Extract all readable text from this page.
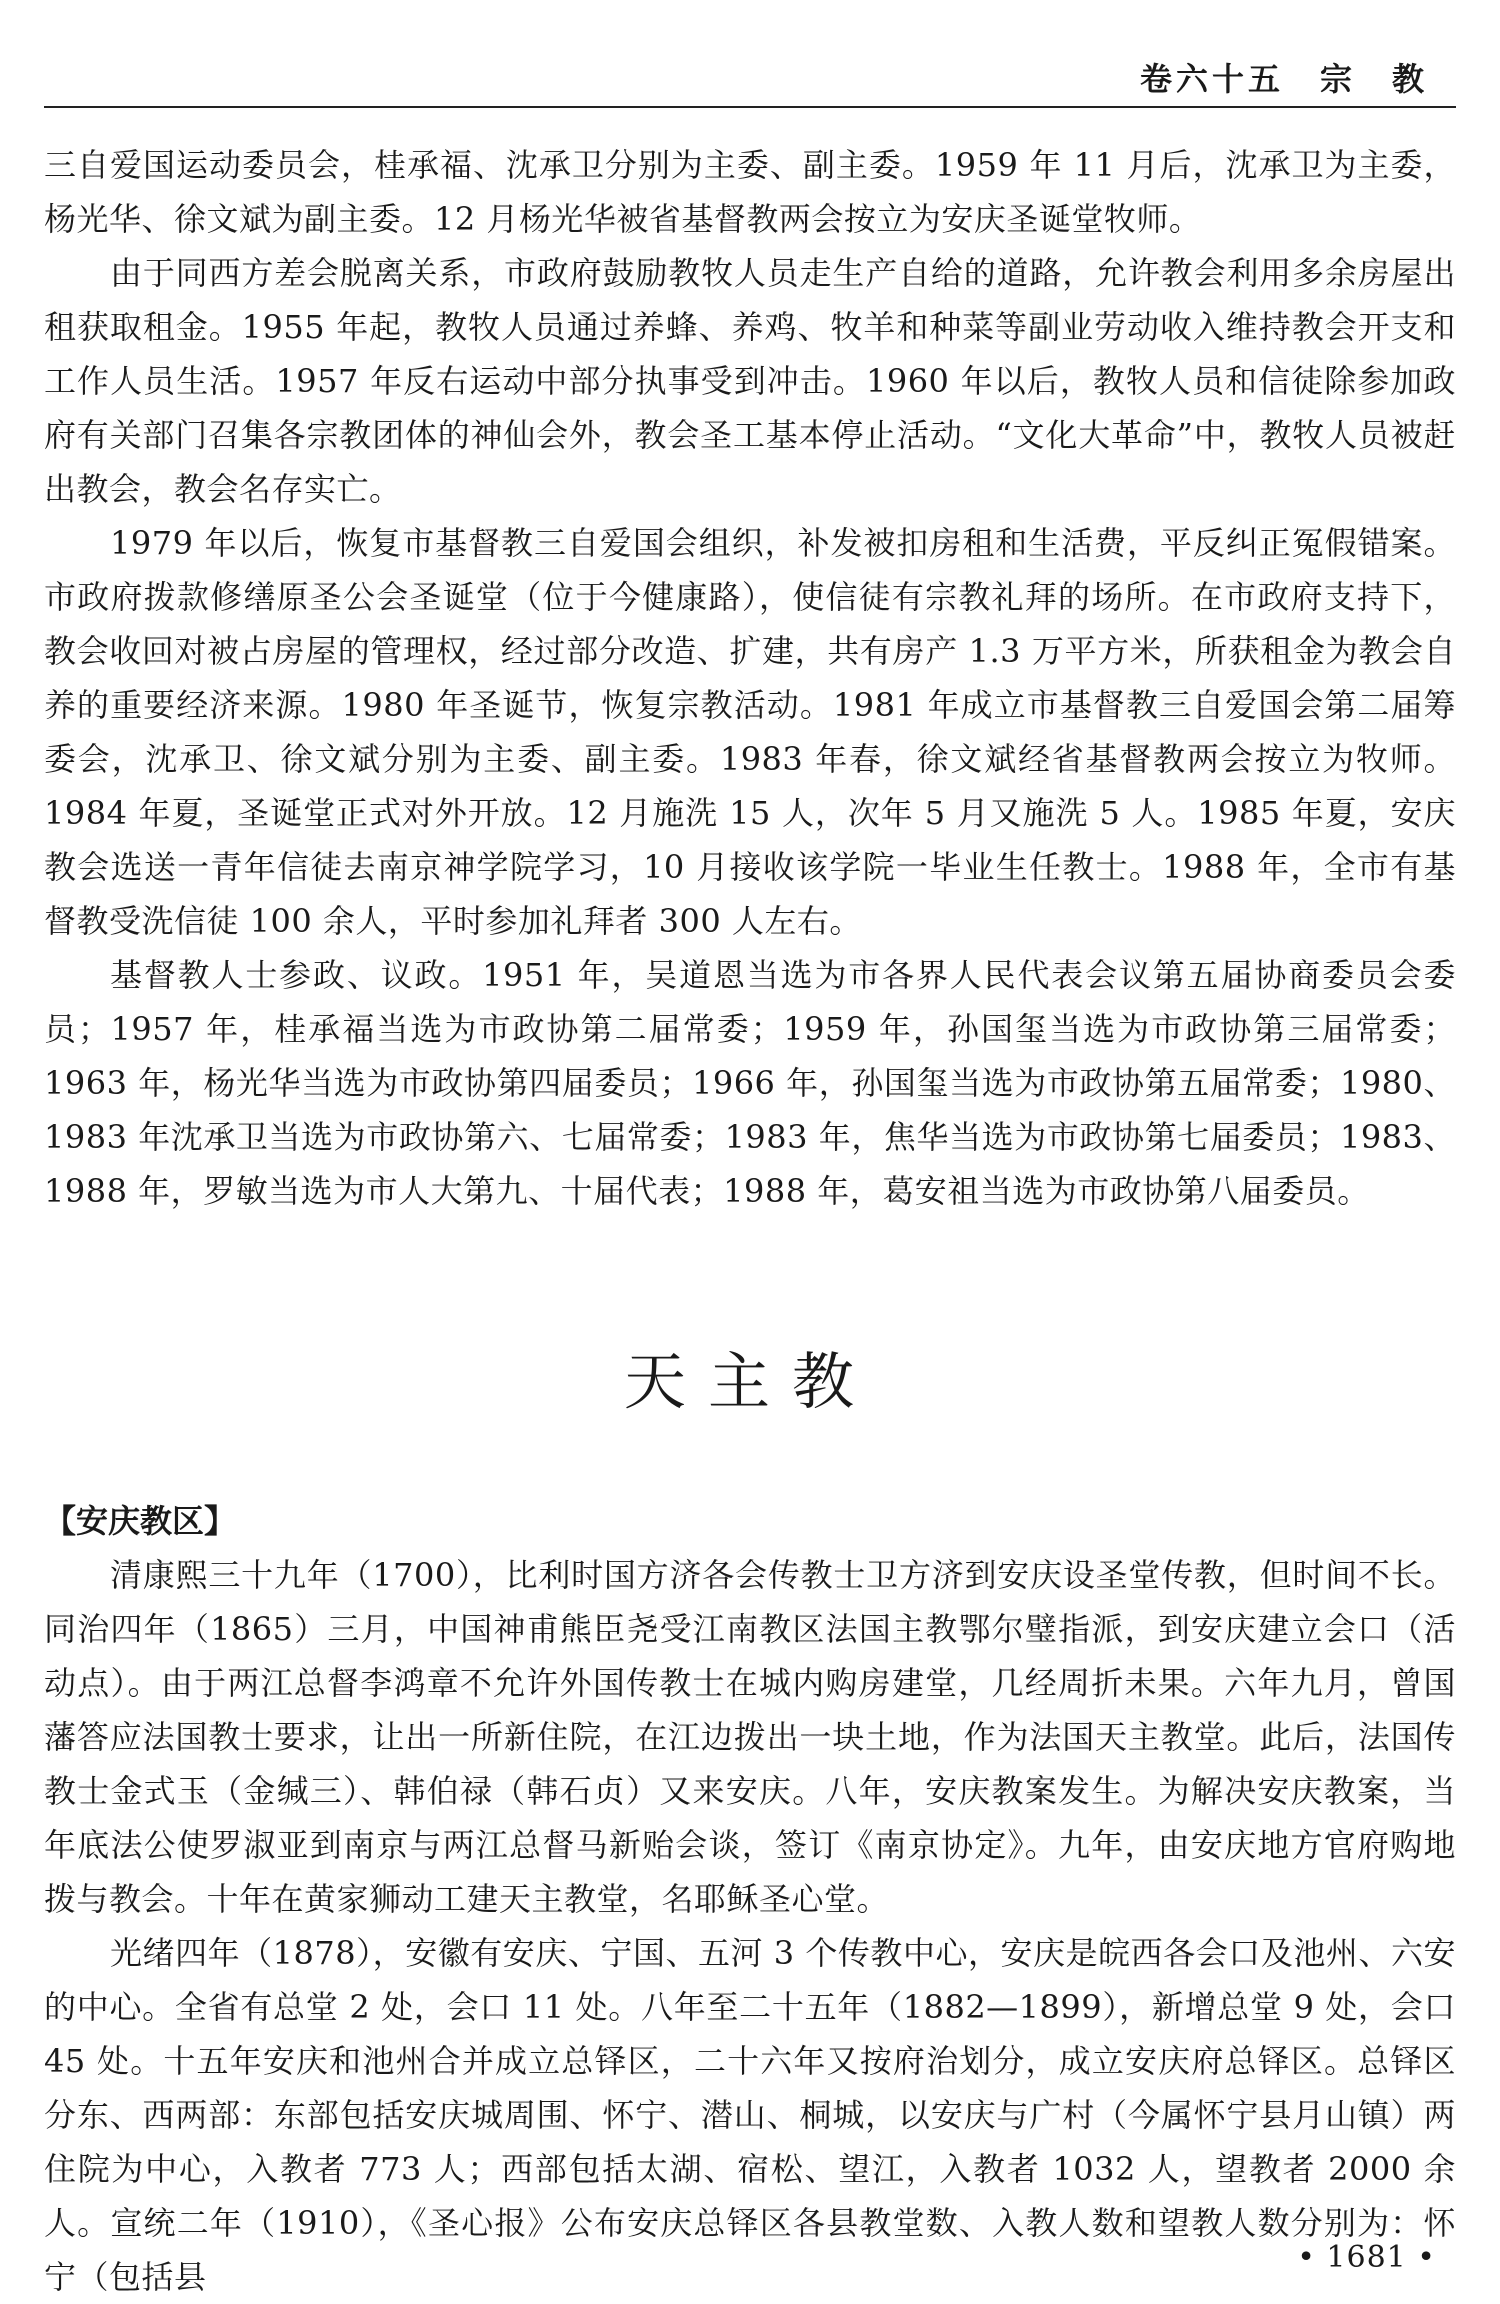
卷六十五　宗　教

三自爱国运动委员会，桂承福、沈承卫分别为主委、副主委。1959 年 11 月后，沈承卫为主委，杨光华、徐文斌为副主委。12 月杨光华被省基督教两会按立为安庆圣诞堂牧师。

由于同西方差会脱离关系，市政府鼓励教牧人员走生产自给的道路，允许教会利用多余房屋出租获取租金。1955 年起，教牧人员通过养蜂、养鸡、牧羊和种菜等副业劳动收入维持教会开支和工作人员生活。1957 年反右运动中部分执事受到冲击。1960 年以后，教牧人员和信徒除参加政府有关部门召集各宗教团体的神仙会外，教会圣工基本停止活动。“文化大革命”中，教牧人员被赶出教会，教会名存实亡。

1979 年以后，恢复市基督教三自爱国会组织，补发被扣房租和生活费，平反纠正冤假错案。市政府拨款修缮原圣公会圣诞堂（位于今健康路），使信徒有宗教礼拜的场所。在市政府支持下，教会收回对被占房屋的管理权，经过部分改造、扩建，共有房产 1.3 万平方米，所获租金为教会自养的重要经济来源。1980 年圣诞节，恢复宗教活动。1981 年成立市基督教三自爱国会第二届筹委会，沈承卫、徐文斌分别为主委、副主委。1983 年春，徐文斌经省基督教两会按立为牧师。1984 年夏，圣诞堂正式对外开放。12 月施洗 15 人，次年 5 月又施洗 5 人。1985 年夏，安庆教会选送一青年信徒去南京神学院学习，10 月接收该学院一毕业生任教士。1988 年，全市有基督教受洗信徒 100 余人，平时参加礼拜者 300 人左右。

基督教人士参政、议政。1951 年，吴道恩当选为市各界人民代表会议第五届协商委员会委员；1957 年，桂承福当选为市政协第二届常委；1959 年，孙国玺当选为市政协第三届常委；1963 年，杨光华当选为市政协第四届委员；1966 年，孙国玺当选为市政协第五届常委；1980、1983 年沈承卫当选为市政协第六、七届常委；1983 年，焦华当选为市政协第七届委员；1983、1988 年，罗敏当选为市人大第九、十届代表；1988 年，葛安祖当选为市政协第八届委员。

天主教

【安庆教区】

清康熙三十九年（1700），比利时国方济各会传教士卫方济到安庆设圣堂传教，但时间不长。同治四年（1865）三月，中国神甫熊臣尧受江南教区法国主教鄂尔璧指派，到安庆建立会口（活动点）。由于两江总督李鸿章不允许外国传教士在城内购房建堂，几经周折未果。六年九月，曾国藩答应法国教士要求，让出一所新住院，在江边拨出一块土地，作为法国天主教堂。此后，法国传教士金式玉（金缄三）、韩伯禄（韩石贞）又来安庆。八年，安庆教案发生。为解决安庆教案，当年底法公使罗淑亚到南京与两江总督马新贻会谈，签订《南京协定》。九年，由安庆地方官府购地拨与教会。十年在黄家狮动工建天主教堂，名耶稣圣心堂。

光绪四年（1878），安徽有安庆、宁国、五河 3 个传教中心，安庆是皖西各会口及池州、六安的中心。全省有总堂 2 处，会口 11 处。八年至二十五年（1882—1899），新增总堂 9 处，会口 45 处。十五年安庆和池州合并成立总铎区，二十六年又按府治划分，成立安庆府总铎区。总铎区分东、西两部：东部包括安庆城周围、怀宁、潜山、桐城，以安庆与广村（今属怀宁县月山镇）两住院为中心，入教者 773 人；西部包括太湖、宿松、望江，入教者 1032 人，望教者 2000 余人。宣统二年（1910），《圣心报》公布安庆总铎区各县教堂数、入教人数和望教人数分别为：怀宁（包括县

• 1681 •
